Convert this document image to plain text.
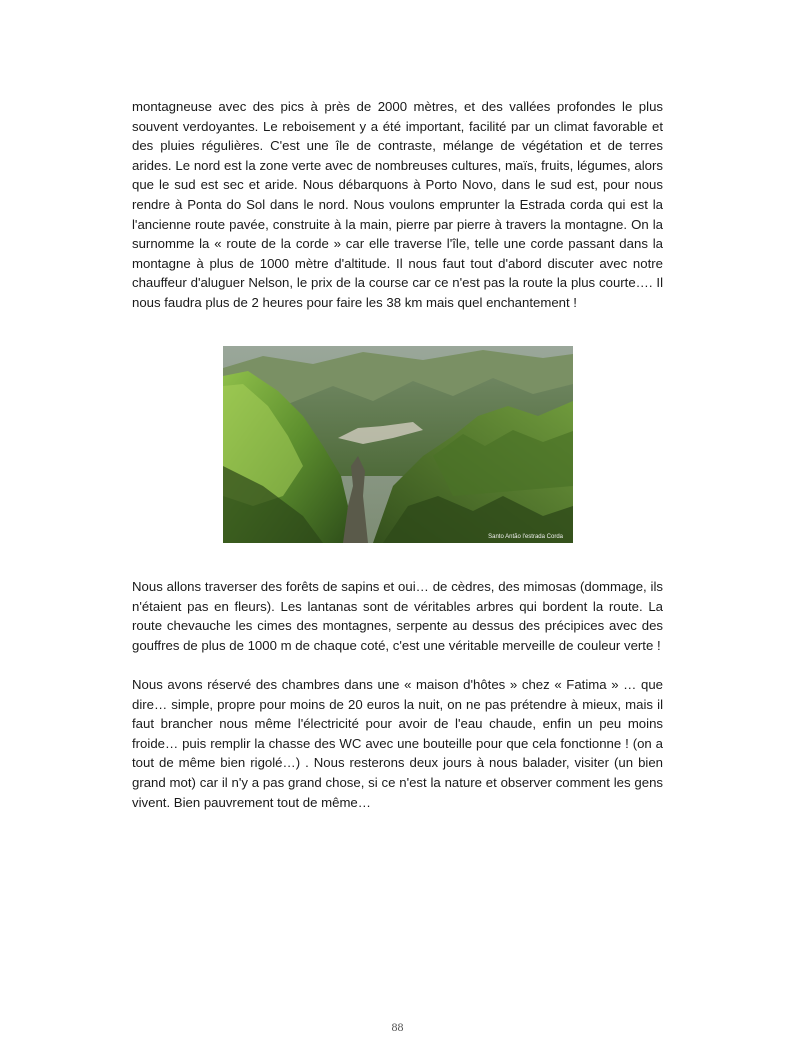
montagneuse avec des pics à près de 2000 mètres, et des vallées profondes le plus souvent verdoyantes. Le reboisement y a été important, facilité par un climat favorable et des pluies régulières. C'est une île de contraste, mélange de végétation et de terres arides. Le nord est la zone verte avec de nombreuses cultures, maïs, fruits, légumes, alors que le sud est sec et aride. Nous débarquons à Porto Novo, dans le sud est, pour nous rendre à Ponta do Sol dans le nord. Nous voulons emprunter la Estrada corda qui est la l'ancienne route pavée, construite à la main, pierre par pierre à travers la montagne. On la surnomme la « route de la corde » car elle traverse l'île, telle une corde passant dans la montagne à plus de 1000 mètre d'altitude. Il nous faut tout d'abord discuter avec notre chauffeur d'aluguer Nelson, le prix de la course car ce n'est pas la route la plus courte…. Il nous faudra plus de 2 heures pour faire les 38 km mais quel enchantement !

Santo Antão l'estrada Corda

Nous allons traverser des forêts de sapins et oui… de cèdres, des mimosas (dommage, ils n'étaient pas en fleurs). Les lantanas sont de véritables arbres qui bordent la route. La route chevauche les cimes des montagnes, serpente au dessus des précipices avec des gouffres de plus de 1000 m de chaque coté, c'est une véritable merveille de couleur verte !

Nous avons réservé des chambres dans une « maison d'hôtes » chez « Fatima » … que dire… simple, propre pour moins de 20 euros la nuit, on ne pas prétendre à mieux, mais il faut brancher nous même l'électricité pour avoir de l'eau chaude, enfin un peu moins froide… puis remplir la chasse des WC avec une bouteille pour que cela fonctionne ! (on a tout de même bien rigolé…) . Nous resterons deux jours à nous balader, visiter (un bien grand mot) car il n'y a pas grand chose, si ce n'est la nature et observer comment les gens vivent. Bien pauvrement tout de même…

88
